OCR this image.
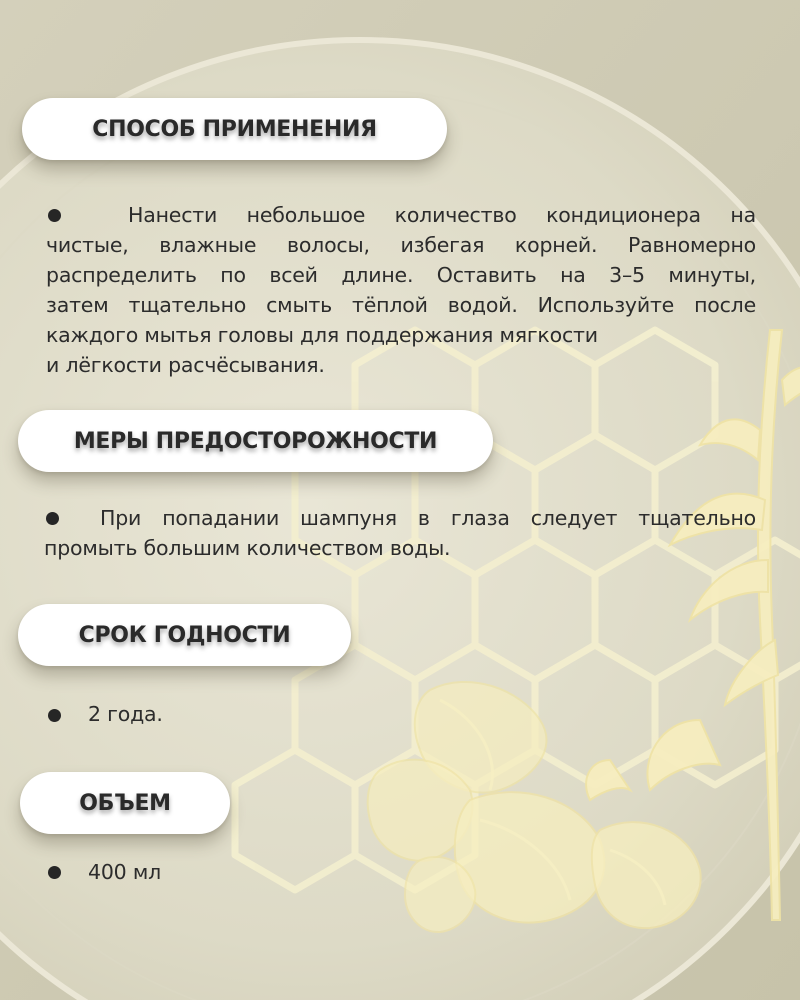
СПОСОБ ПРИМЕНЕНИЯ
Нанести небольшое количество кондиционера на
чистые, влажные волосы, избегая корней. Равномерно
распределить по всей длине. Оставить на 3–5 минуты,
затем тщательно смыть тёплой водой. Используйте после
каждого мытья головы для поддержания мягкости
и лёгкости расчёсывания.
МЕРЫ ПРЕДОСТОРОЖНОСТИ
При попадании шампуня в глаза следует тщательно
промыть большим количеством воды.
СРОК ГОДНОСТИ
2 года.
ОБЪЕМ
400 мл
